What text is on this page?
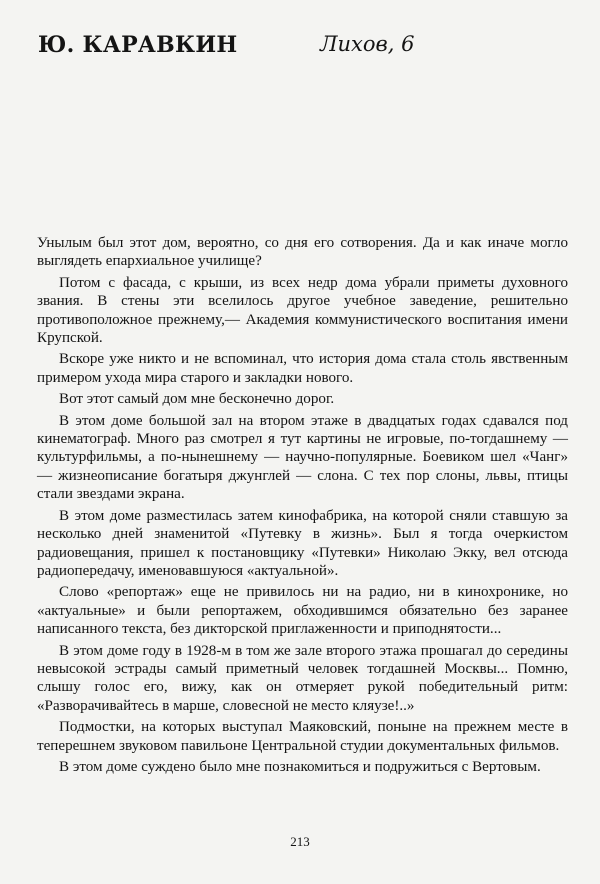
Ю. КАРАВКИН	Лихов, 6

Унылым был этот дом, вероятно, со дня его сотворения. Да и как иначе могло выглядеть епархиальное училище?

Потом с фасада, с крыши, из всех недр дома убрали приметы духовного звания. В стены эти вселилось другое учебное заведение, решительно противоположное прежнему,— Академия коммунистического воспитания имени Крупской.

Вскоре уже никто и не вспоминал, что история дома стала столь явственным примером ухода мира старого и закладки нового.

Вот этот самый дом мне бесконечно дорог.

В этом доме большой зал на втором этаже в двадцатых годах сдавался под кинематограф. Много раз смотрел я тут картины не игровые, по-тогдашнему — культурфильмы, а по-нынешнему — научно-популярные. Боевиком шел «Чанг» — жизнеописание богатыря джунглей — слона. С тех пор слоны, львы, птицы стали звездами экрана.

В этом доме разместилась затем кинофабрика, на которой сняли ставшую за несколько дней знаменитой «Путевку в жизнь». Был я тогда очеркистом радиовещания, пришел к постановщику «Путевки» Николаю Экку, вел отсюда радиопередачу, именовавшуюся «актуальной».

Слово «репортаж» еще не привилось ни на радио, ни в кинохронике, но «актуальные» и были репортажем, обходившимся обязательно без заранее написанного текста, без дикторской приглаженности и приподнятости...

В этом доме году в 1928-м в том же зале второго этажа прошагал до середины невысокой эстрады самый приметный человек тогдашней Москвы... Помню, слышу голос его, вижу, как он отмеряет рукой победительный ритм: «Разворачивайтесь в марше, словесной не место кляузе!..»

Подмостки, на которых выступал Маяковский, поныне на прежнем месте в теперешнем звуковом павильоне Центральной студии документальных фильмов.

В этом доме суждено было мне познакомиться и подружиться с Вертовым.

213
